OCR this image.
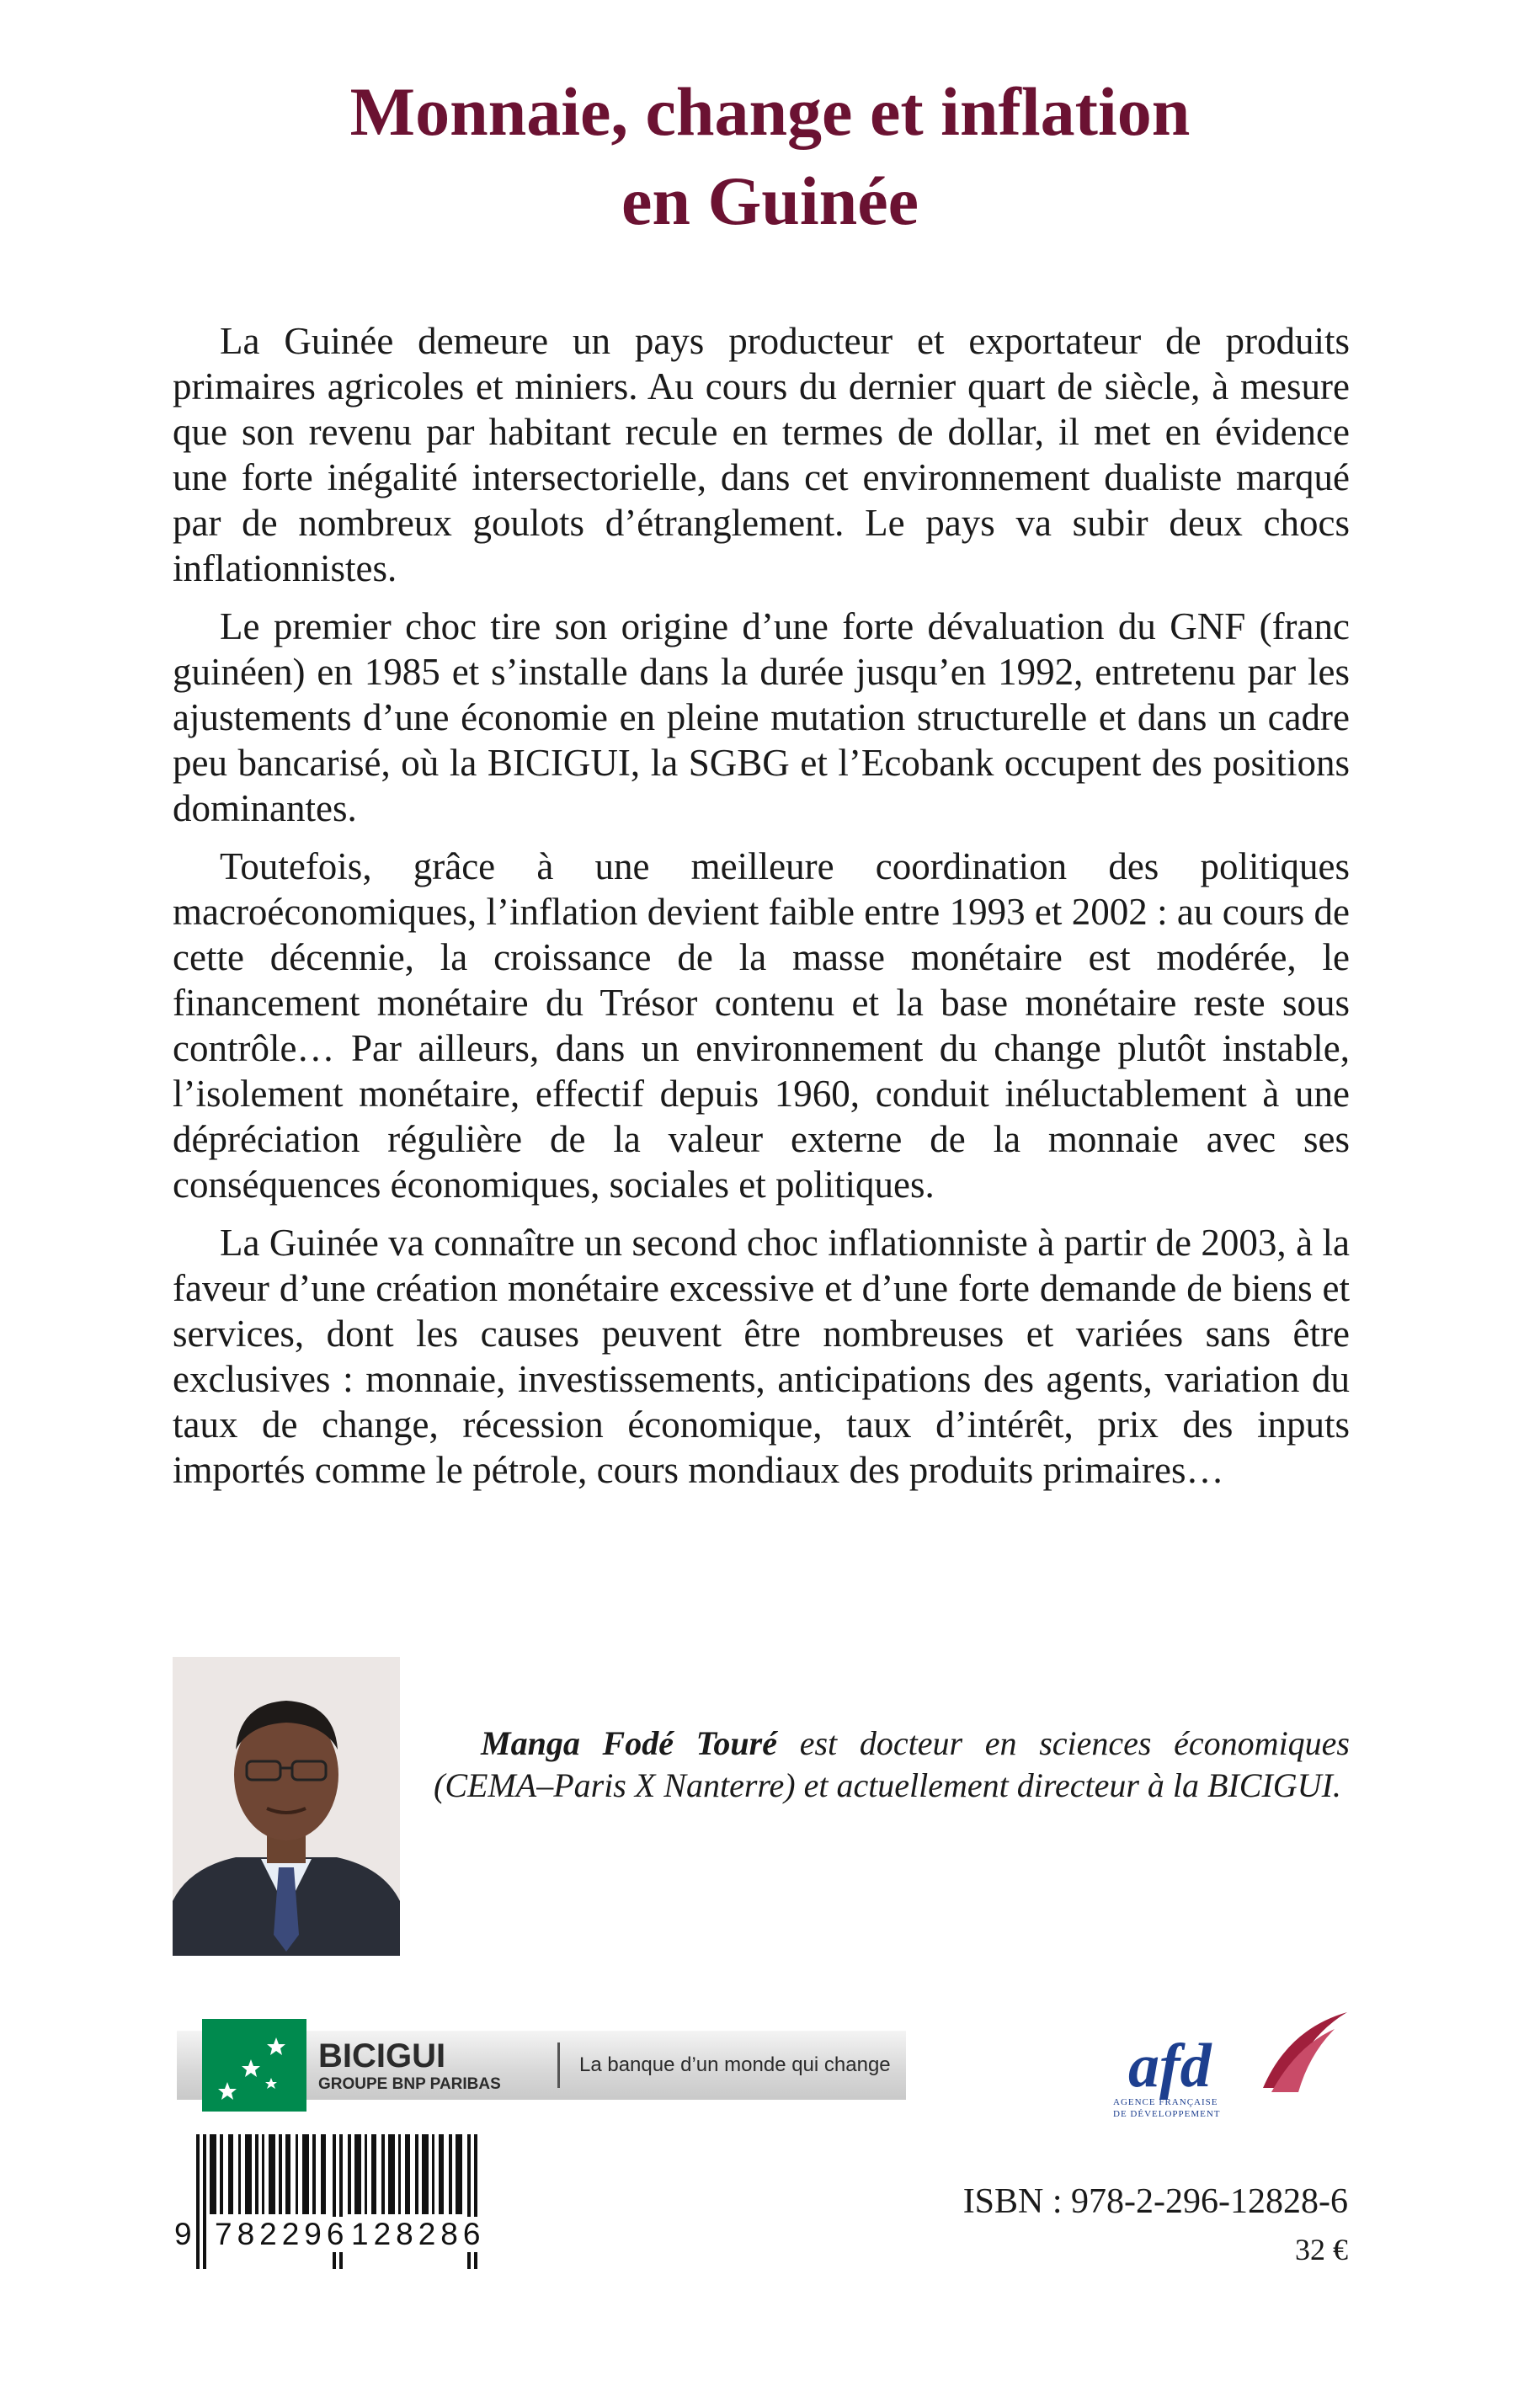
Monnaie, change et inflation
en Guinée

La Guinée demeure un pays producteur et exportateur de produits primaires agricoles et miniers. Au cours du dernier quart de siècle, à mesure que son revenu par habitant recule en termes de dollar, il met en évidence une forte inégalité intersectorielle, dans cet environnement dualiste marqué par de nombreux goulots d’étranglement. Le pays va subir deux chocs inflationnistes.

Le premier choc tire son origine d’une forte dévaluation du GNF (franc guinéen) en 1985 et s’installe dans la durée jusqu’en 1992, entretenu par les ajustements d’une économie en pleine mutation structurelle et dans un cadre peu bancarisé, où la BICIGUI, la SGBG et l’Ecobank occupent des positions dominantes.

Toutefois, grâce à une meilleure coordination des politiques macroéconomiques, l’inflation devient faible entre 1993 et 2002 : au cours de cette décennie, la croissance de la masse monétaire est modérée, le financement monétaire du Trésor contenu et la base monétaire reste sous contrôle… Par ailleurs, dans un environnement du change plutôt instable, l’isolement monétaire, effectif depuis 1960, conduit inéluctablement à une dépréciation régulière de la valeur externe de la monnaie avec ses conséquences économiques, sociales et politiques.

La Guinée va connaître un second choc inflationniste à partir de 2003, à la faveur d’une création monétaire excessive et d’une forte demande de biens et services, dont les causes peuvent être nombreuses et variées sans être exclusives : monnaie, investissements, anticipations des agents, variation du taux de change, récession économique, taux d’intérêt, prix des inputs importés comme le pétrole, cours mondiaux des produits primaires…

Manga Fodé Touré est docteur en sciences économiques (CEMA–Paris X Nanterre) et actuellement directeur à la BICIGUI.

BICIGUI
GROUPE BNP PARIBAS
La banque d’un monde qui change	afd
AGENCE FRANÇAISE
DE DÉVELOPPEMENT
9 782296 128286
ISBN : 978-2-296-12828-6
32 €
